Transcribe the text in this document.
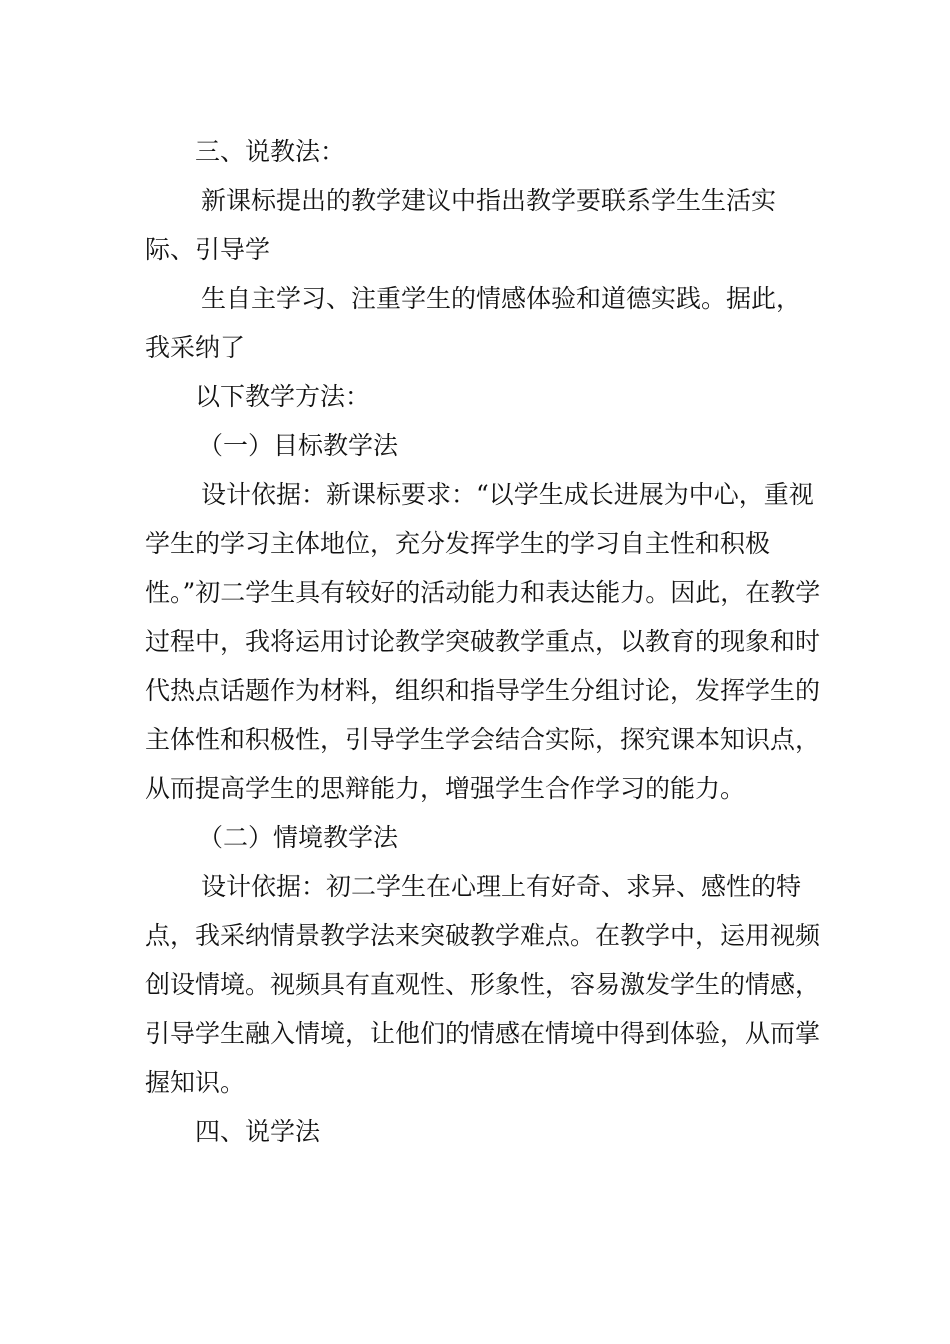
三、说教法：

新课标提出的教学建议中指出教学要联系学生生活实际、引导学

生自主学习、注重学生的情感体验和道德实践。据此，我采纳了

以下教学方法：

（一）目标教学法

设计依据：新课标要求：“以学生成长进展为中心，重视学生的学习主体地位，充分发挥学生的学习自主性和积极性。”初二学生具有较好的活动能力和表达能力。因此，在教学过程中，我将运用讨论教学突破教学重点，以教育的现象和时代热点话题作为材料，组织和指导学生分组讨论，发挥学生的主体性和积极性，引导学生学会结合实际，探究课本知识点，从而提高学生的思辩能力，增强学生合作学习的能力。

（二）情境教学法

设计依据：初二学生在心理上有好奇、求异、感性的特点，我采纳情景教学法来突破教学难点。在教学中，运用视频创设情境。视频具有直观性、形象性，容易激发学生的情感，引导学生融入情境，让他们的情感在情境中得到体验，从而掌握知识。

四、说学法
